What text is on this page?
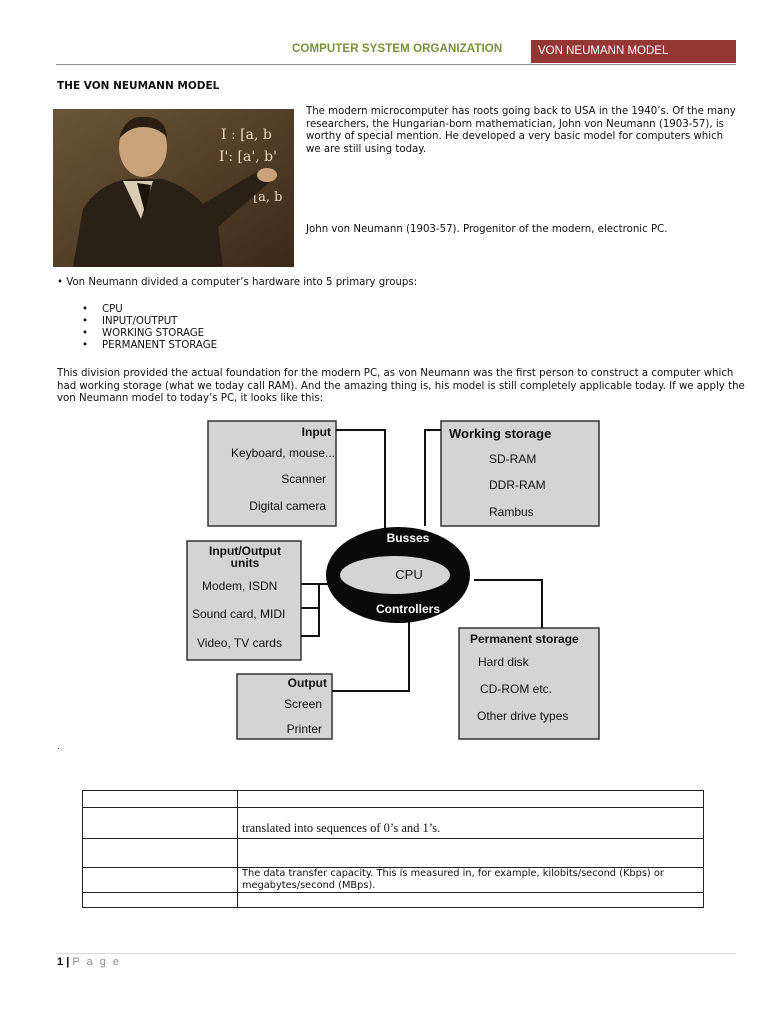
COMPUTER SYSTEM ORGANIZATION	VON NEUMANN MODEL
THE VON NEUMANN MODEL
I : [a, b
I': [a', b'
[a, b
The modern microcomputer has roots going back to USA in the 1940’s. Of the many researchers, the Hungarian-born mathematician, John von Neumann (1903-57), is worthy of special mention. He developed a very basic model for computers which we are still using today.
John von Neumann (1903-57). Progenitor of the modern, electronic PC.
• Von Neumann divided a computer’s hardware into 5 primary groups:
• CPU
• INPUT/OUTPUT
• WORKING STORAGE
• PERMANENT STORAGE
This division provided the actual foundation for the modern PC, as von Neumann was the first person to construct a computer which had working storage (what we today call RAM). And the amazing thing is, his model is still completely applicable today. If we apply the von Neumann model to today’s PC, it looks like this:
Input
Keyboard, mouse...
Scanner
Digital camera
Working storage
SD-RAM
DDR-RAM
Rambus
Input/Output
units
Modem, ISDN
Sound card, MIDI
Video, TV cards
Busses
CPU
Controllers
Permanent storage
Hard disk
CD-ROM etc.
Other drive types
Output
Screen
Printer
.

	translated into sequences of 0’s and 1’s.

	The data transfer capacity. This is measured in, for example, kilobits/second (Kbps) or megabytes/second (MBps).

1 | P a g e
